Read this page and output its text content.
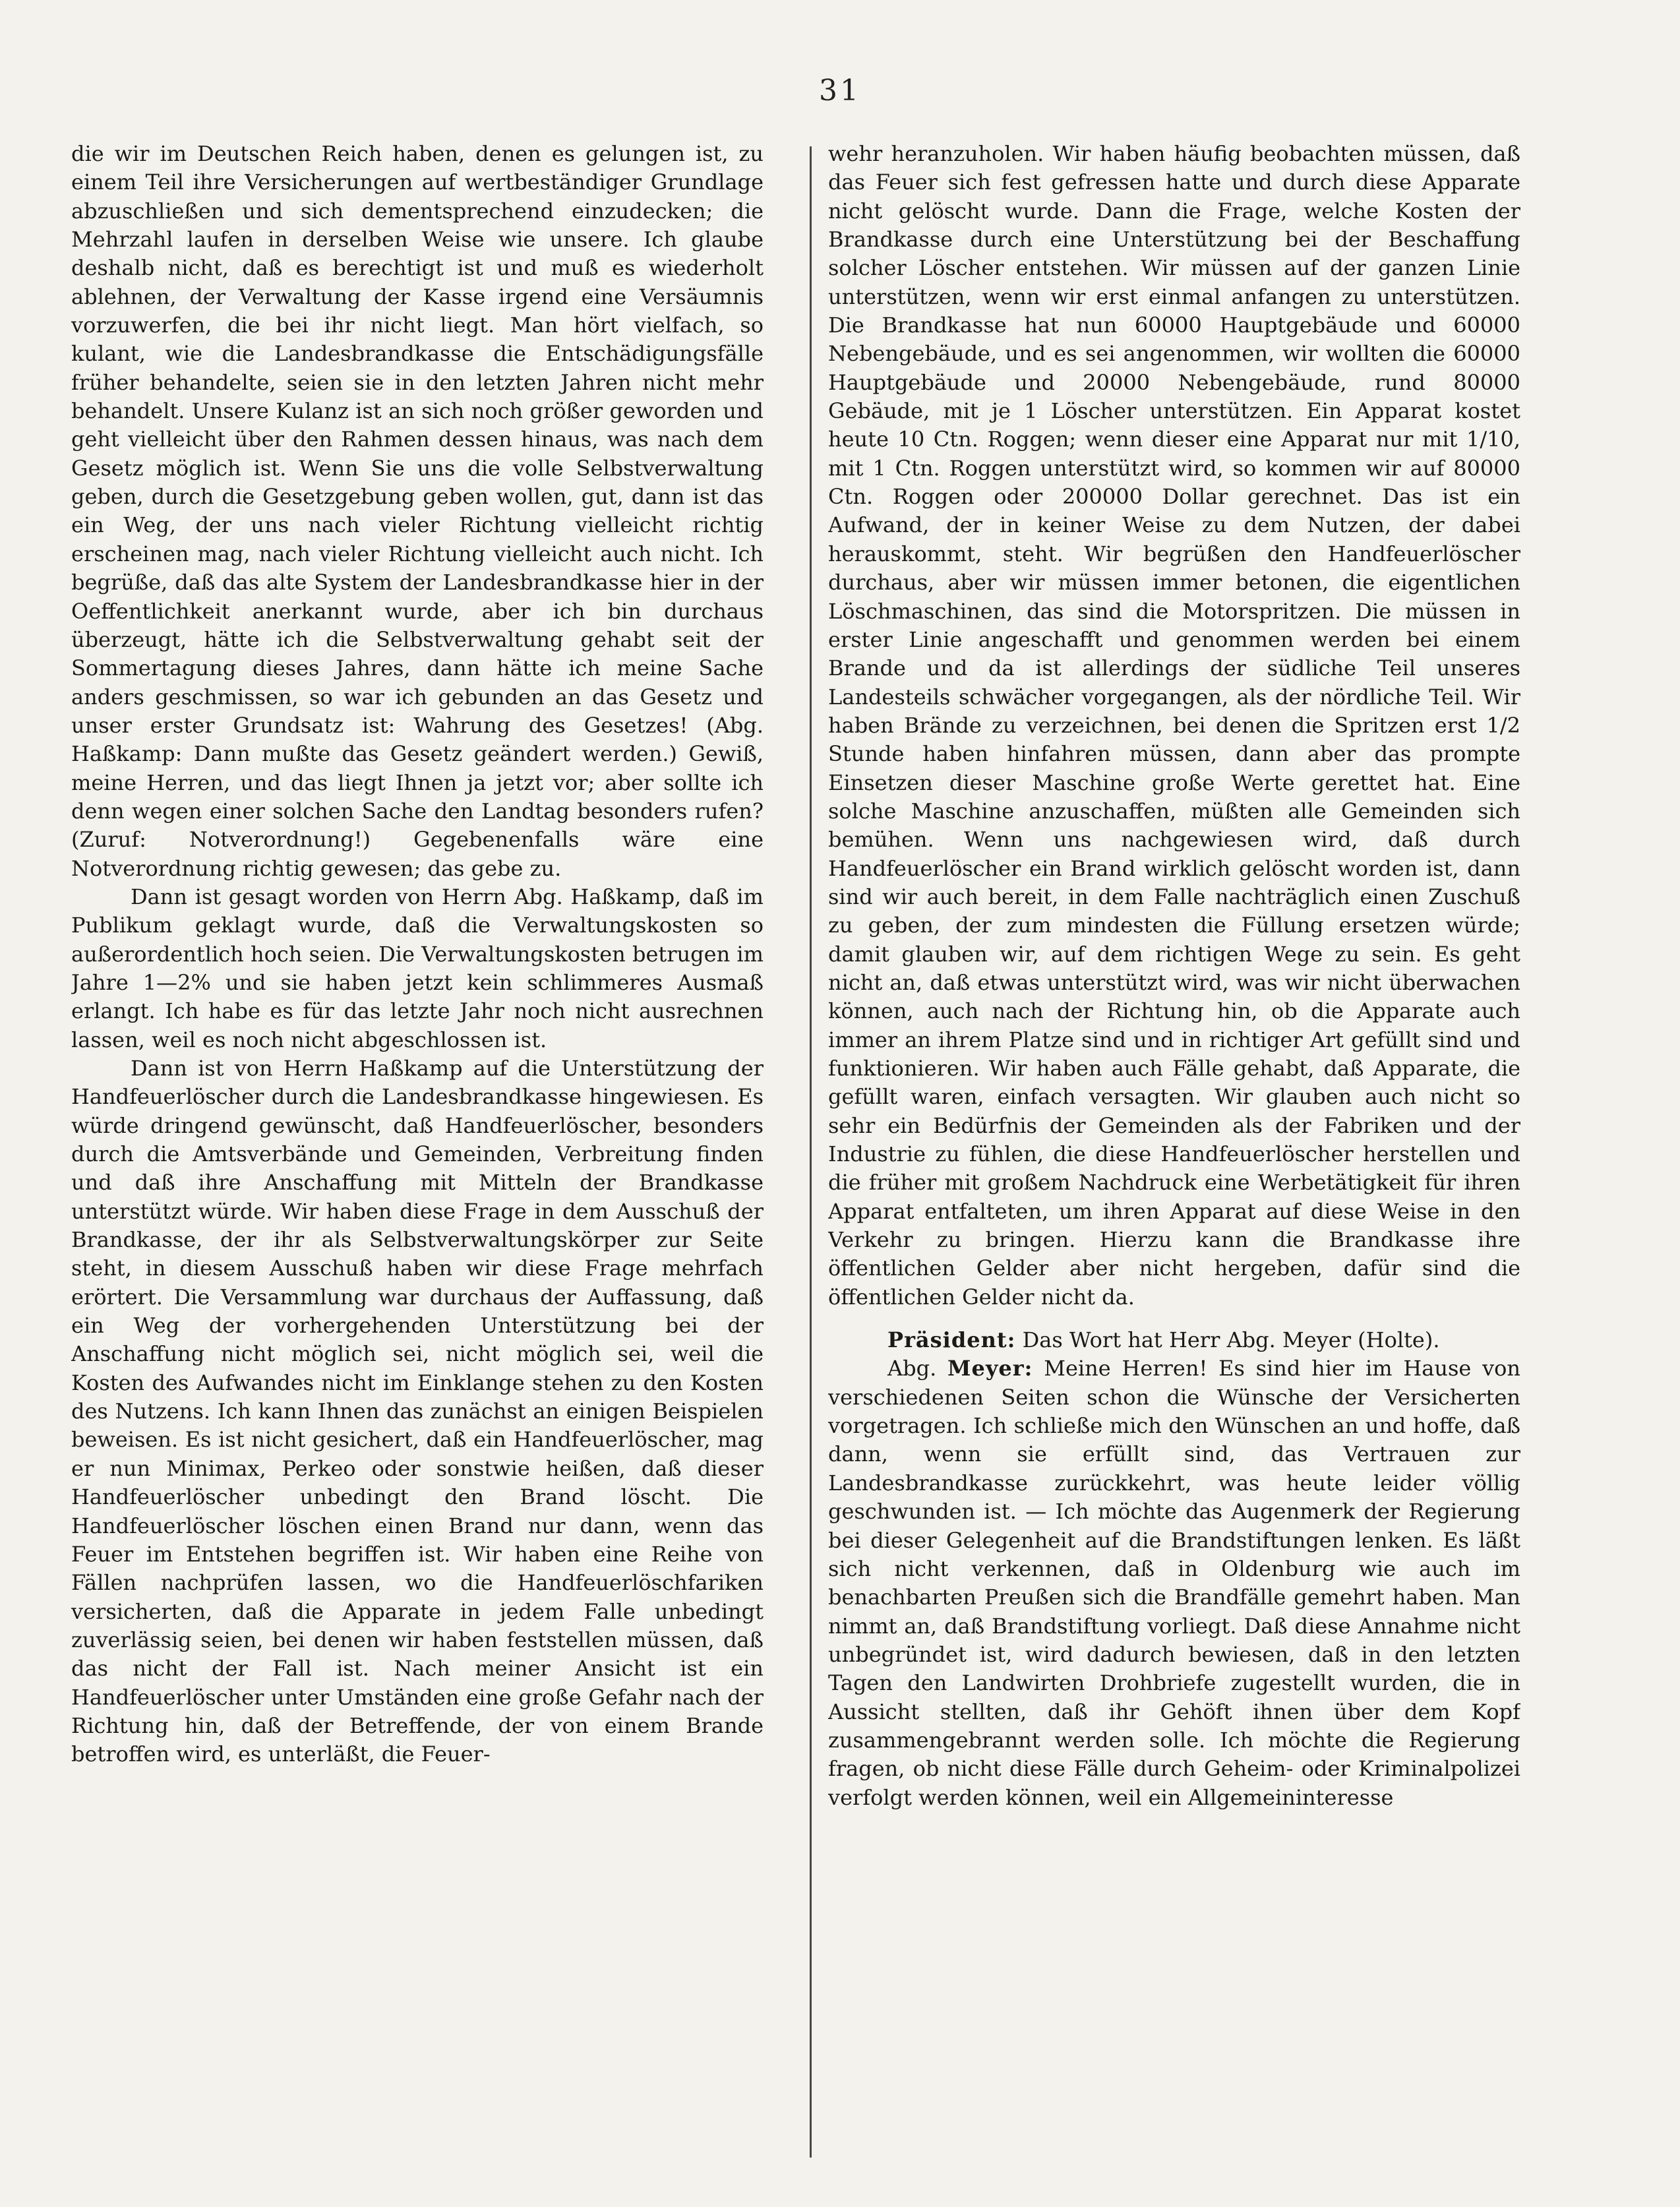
31

die wir im Deutschen Reich haben, denen es gelungen ist, zu einem Teil ihre Versicherungen auf wertbeständiger Grundlage abzuschließen und sich dementsprechend einzudecken; die Mehrzahl laufen in derselben Weise wie unsere. Ich glaube deshalb nicht, daß es berechtigt ist und muß es wiederholt ablehnen, der Verwaltung der Kasse irgend eine Versäumnis vorzuwerfen, die bei ihr nicht liegt. Man hört vielfach, so kulant, wie die Landesbrandkasse die Entschädigungsfälle früher behandelte, seien sie in den letzten Jahren nicht mehr behandelt. Unsere Kulanz ist an sich noch größer geworden und geht vielleicht über den Rahmen dessen hinaus, was nach dem Gesetz möglich ist. Wenn Sie uns die volle Selbstverwaltung geben, durch die Gesetzgebung geben wollen, gut, dann ist das ein Weg, der uns nach vieler Richtung vielleicht richtig erscheinen mag, nach vieler Richtung vielleicht auch nicht. Ich begrüße, daß das alte System der Landesbrandkasse hier in der Oeffentlichkeit anerkannt wurde, aber ich bin durchaus überzeugt, hätte ich die Selbstverwaltung gehabt seit der Sommertagung dieses Jahres, dann hätte ich meine Sache anders geschmissen, so war ich gebunden an das Gesetz und unser erster Grundsatz ist: Wahrung des Gesetzes! (Abg. Haßkamp: Dann mußte das Gesetz geändert werden.) Gewiß, meine Herren, und das liegt Ihnen ja jetzt vor; aber sollte ich denn wegen einer solchen Sache den Landtag besonders rufen? (Zuruf: Notverordnung!) Gegebenenfalls wäre eine Notverordnung richtig gewesen; das gebe zu.

Dann ist gesagt worden von Herrn Abg. Haßkamp, daß im Publikum geklagt wurde, daß die Verwaltungskosten so außerordentlich hoch seien. Die Verwaltungskosten betrugen im Jahre 1—2% und sie haben jetzt kein schlimmeres Ausmaß erlangt. Ich habe es für das letzte Jahr noch nicht ausrechnen lassen, weil es noch nicht abgeschlossen ist.

Dann ist von Herrn Haßkamp auf die Unterstützung der Handfeuerlöscher durch die Landesbrandkasse hingewiesen. Es würde dringend gewünscht, daß Handfeuerlöscher, besonders durch die Amtsverbände und Gemeinden, Verbreitung finden und daß ihre Anschaffung mit Mitteln der Brandkasse unterstützt würde. Wir haben diese Frage in dem Ausschuß der Brandkasse, der ihr als Selbstverwaltungskörper zur Seite steht, in diesem Ausschuß haben wir diese Frage mehrfach erörtert. Die Versammlung war durchaus der Auffassung, daß ein Weg der vorhergehenden Unterstützung bei der Anschaffung nicht möglich sei, nicht möglich sei, weil die Kosten des Aufwandes nicht im Einklange stehen zu den Kosten des Nutzens. Ich kann Ihnen das zunächst an einigen Beispielen beweisen. Es ist nicht gesichert, daß ein Handfeuerlöscher, mag er nun Minimax, Perkeo oder sonstwie heißen, daß dieser Handfeuerlöscher unbedingt den Brand löscht. Die Handfeuerlöscher löschen einen Brand nur dann, wenn das Feuer im Entstehen begriffen ist. Wir haben eine Reihe von Fällen nachprüfen lassen, wo die Handfeuerlöschfariken versicherten, daß die Apparate in jedem Falle unbedingt zuverlässig seien, bei denen wir haben feststellen müssen, daß das nicht der Fall ist. Nach meiner Ansicht ist ein Handfeuerlöscher unter Umständen eine große Gefahr nach der Richtung hin, daß der Betreffende, der von einem Brande betroffen wird, es unterläßt, die Feuer-

wehr heranzuholen. Wir haben häufig beobachten müssen, daß das Feuer sich fest gefressen hatte und durch diese Apparate nicht gelöscht wurde. Dann die Frage, welche Kosten der Brandkasse durch eine Unterstützung bei der Beschaffung solcher Löscher entstehen. Wir müssen auf der ganzen Linie unterstützen, wenn wir erst einmal anfangen zu unterstützen. Die Brandkasse hat nun 60000 Hauptgebäude und 60000 Nebengebäude, und es sei angenommen, wir wollten die 60000 Hauptgebäude und 20000 Nebengebäude, rund 80000 Gebäude, mit je 1 Löscher unterstützen. Ein Apparat kostet heute 10 Ctn. Roggen; wenn dieser eine Apparat nur mit 1/10, mit 1 Ctn. Roggen unterstützt wird, so kommen wir auf 80000 Ctn. Roggen oder 200000 Dollar gerechnet. Das ist ein Aufwand, der in keiner Weise zu dem Nutzen, der dabei herauskommt, steht. Wir begrüßen den Handfeuerlöscher durchaus, aber wir müssen immer betonen, die eigentlichen Löschmaschinen, das sind die Motorspritzen. Die müssen in erster Linie angeschafft und genommen werden bei einem Brande und da ist allerdings der südliche Teil unseres Landesteils schwächer vorgegangen, als der nördliche Teil. Wir haben Brände zu verzeichnen, bei denen die Spritzen erst 1/2 Stunde haben hinfahren müssen, dann aber das prompte Einsetzen dieser Maschine große Werte gerettet hat. Eine solche Maschine anzuschaffen, müßten alle Gemeinden sich bemühen. Wenn uns nachgewiesen wird, daß durch Handfeuerlöscher ein Brand wirklich gelöscht worden ist, dann sind wir auch bereit, in dem Falle nachträglich einen Zuschuß zu geben, der zum mindesten die Füllung ersetzen würde; damit glauben wir, auf dem richtigen Wege zu sein. Es geht nicht an, daß etwas unterstützt wird, was wir nicht überwachen können, auch nach der Richtung hin, ob die Apparate auch immer an ihrem Platze sind und in richtiger Art gefüllt sind und funktionieren. Wir haben auch Fälle gehabt, daß Apparate, die gefüllt waren, einfach versagten. Wir glauben auch nicht so sehr ein Bedürfnis der Gemeinden als der Fabriken und der Industrie zu fühlen, die diese Handfeuerlöscher herstellen und die früher mit großem Nachdruck eine Werbetätigkeit für ihren Apparat entfalteten, um ihren Apparat auf diese Weise in den Verkehr zu bringen. Hierzu kann die Brandkasse ihre öffentlichen Gelder aber nicht hergeben, dafür sind die öffentlichen Gelder nicht da.

Präsident: Das Wort hat Herr Abg. Meyer (Holte).

Abg. Meyer: Meine Herren! Es sind hier im Hause von verschiedenen Seiten schon die Wünsche der Versicherten vorgetragen. Ich schließe mich den Wünschen an und hoffe, daß dann, wenn sie erfüllt sind, das Vertrauen zur Landesbrandkasse zurückkehrt, was heute leider völlig geschwunden ist. — Ich möchte das Augenmerk der Regierung bei dieser Gelegenheit auf die Brandstiftungen lenken. Es läßt sich nicht verkennen, daß in Oldenburg wie auch im benachbarten Preußen sich die Brandfälle gemehrt haben. Man nimmt an, daß Brandstiftung vorliegt. Daß diese Annahme nicht unbegründet ist, wird dadurch bewiesen, daß in den letzten Tagen den Landwirten Drohbriefe zugestellt wurden, die in Aussicht stellten, daß ihr Gehöft ihnen über dem Kopf zusammengebrannt werden solle. Ich möchte die Regierung fragen, ob nicht diese Fälle durch Geheim- oder Kriminalpolizei verfolgt werden können, weil ein Allgemeininteresse
